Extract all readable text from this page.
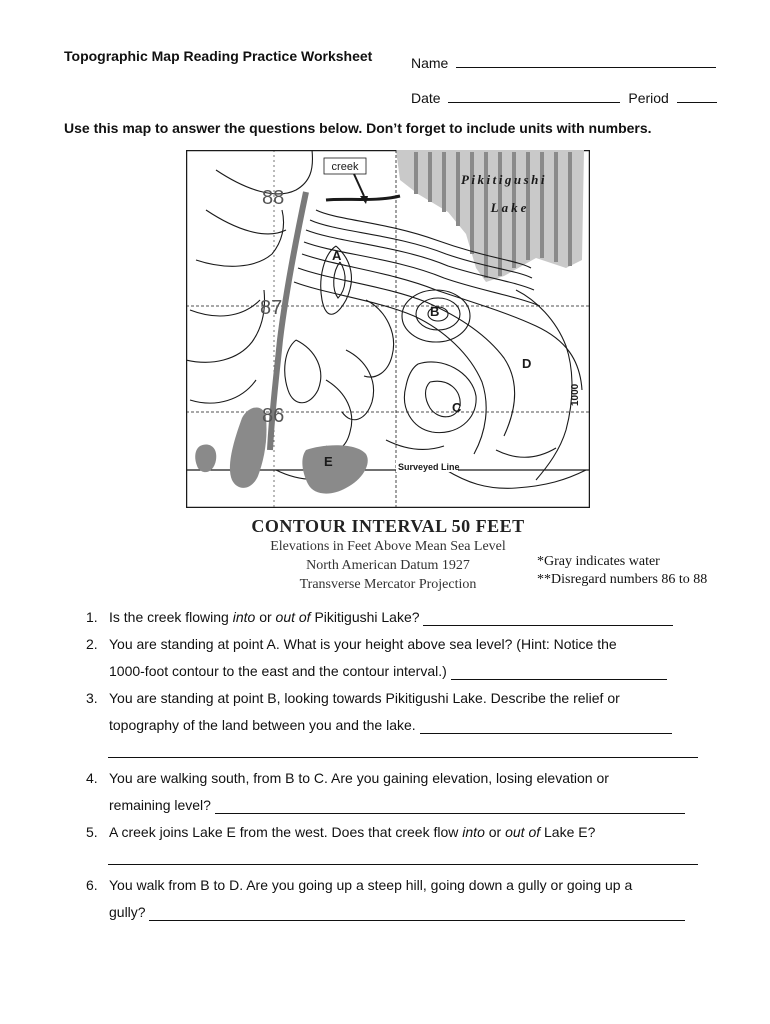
Topographic Map Reading Practice Worksheet	Name
Date	Period
Use this map to answer the questions below. Don’t forget to include units with numbers.
creek
Pikitigushi
Lake
88
87
86
A
B
C
D
E
1000
Surveyed Line
CONTOUR INTERVAL 50 FEET
Elevations in Feet Above Mean Sea Level
North American Datum 1927
Transverse Mercator Projection
*Gray indicates water
**Disregard numbers 86 to 88
1. Is the creek flowing into or out of Pikitigushi Lake?
2. You are standing at point A. What is your height above sea level? (Hint: Notice the
1000-foot contour to the east and the contour interval.)
3. You are standing at point B, looking towards Pikitigushi Lake. Describe the relief or
topography of the land between you and the lake.
4. You are walking south, from B to C. Are you gaining elevation, losing elevation or
remaining level?
5. A creek joins Lake E from the west. Does that creek flow into or out of Lake E?
6. You walk from B to D. Are you going up a steep hill, going down a gully or going up a
gully?
